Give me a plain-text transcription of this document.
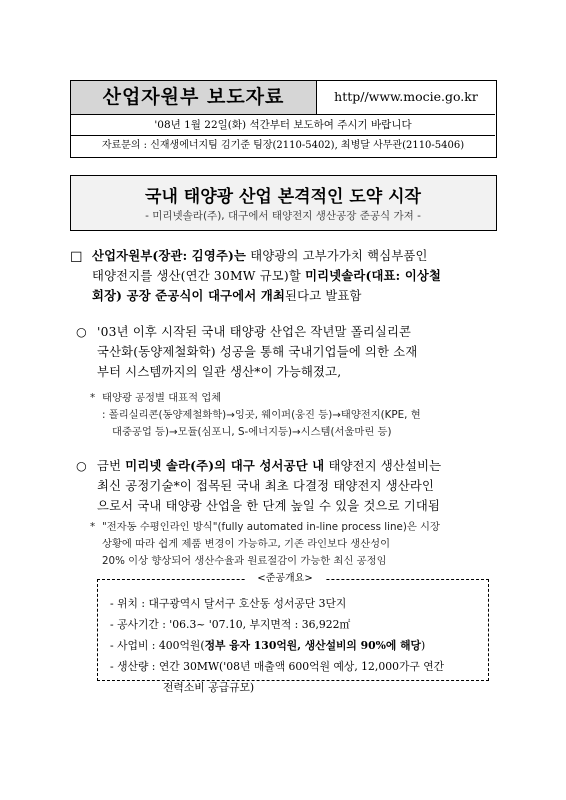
산업자원부 보도자료	http//www.mocie.go.kr
'08년 1월 22일(화) 석간부터 보도하여 주시기 바랍니다
자료문의 : 신재생에너지팀 김기준 팀장(2110-5402), 최병달 사무관(2110-5406)
국내 태양광 산업 본격적인 도약 시작
- 미리넷솔라(주), 대구에서 태양전지 생산공장 준공식 가져 -
☐ 산업자원부(장관: 김영주)는 태양광의 고부가가치 핵심부품인
태양전지를 생산(연간 30MW 규모)할 미리넷솔라(대표: 이상철
회장) 공장 준공식이 대구에서 개최된다고 발표함
○ '03년 이후 시작된 국내 태양광 산업은 작년말 폴리실리콘
국산화(동양제철화학) 성공을 통해 국내기업들에 의한 소재
부터 시스템까지의 일관 생산*이 가능해졌고,
* 태양광 공정별 대표적 업체
: 폴리실리콘(동양제철화학)→잉곳, 웨이퍼(웅진 등)→태양전지(KPE, 현
대중공업 등)→모듈(심포니, S-에너지등)→시스템(서울마린 등)
○ 금번 미리넷 솔라(주)의 대구 성서공단 내 태양전지 생산설비는
최신 공정기술*이 접목된 국내 최초 다결정 태양전지 생산라인
으로서 국내 태양광 산업을 한 단계 높일 수 있을 것으로 기대됨
* "전자동 수평인라인 방식"(fully automated in-line process line)은 시장
상황에 따라 쉽게 제품 변경이 가능하고, 기존 라인보다 생산성이
20% 이상 향상되어 생산수율과 원료절감이 가능한 최신 공정임
<준공개요>
- 위치 : 대구광역시 달서구 호산동 성서공단 3단지
- 공사기간 : '06.3~ '07.10, 부지면적 : 36,922㎡
- 사업비 : 400억원(정부 융자 130억원, 생산설비의 90%에 해당)
- 생산량 : 연간 30MW('08년 매출액 600억원 예상, 12,000가구 연간
전력소비 공급규모)
